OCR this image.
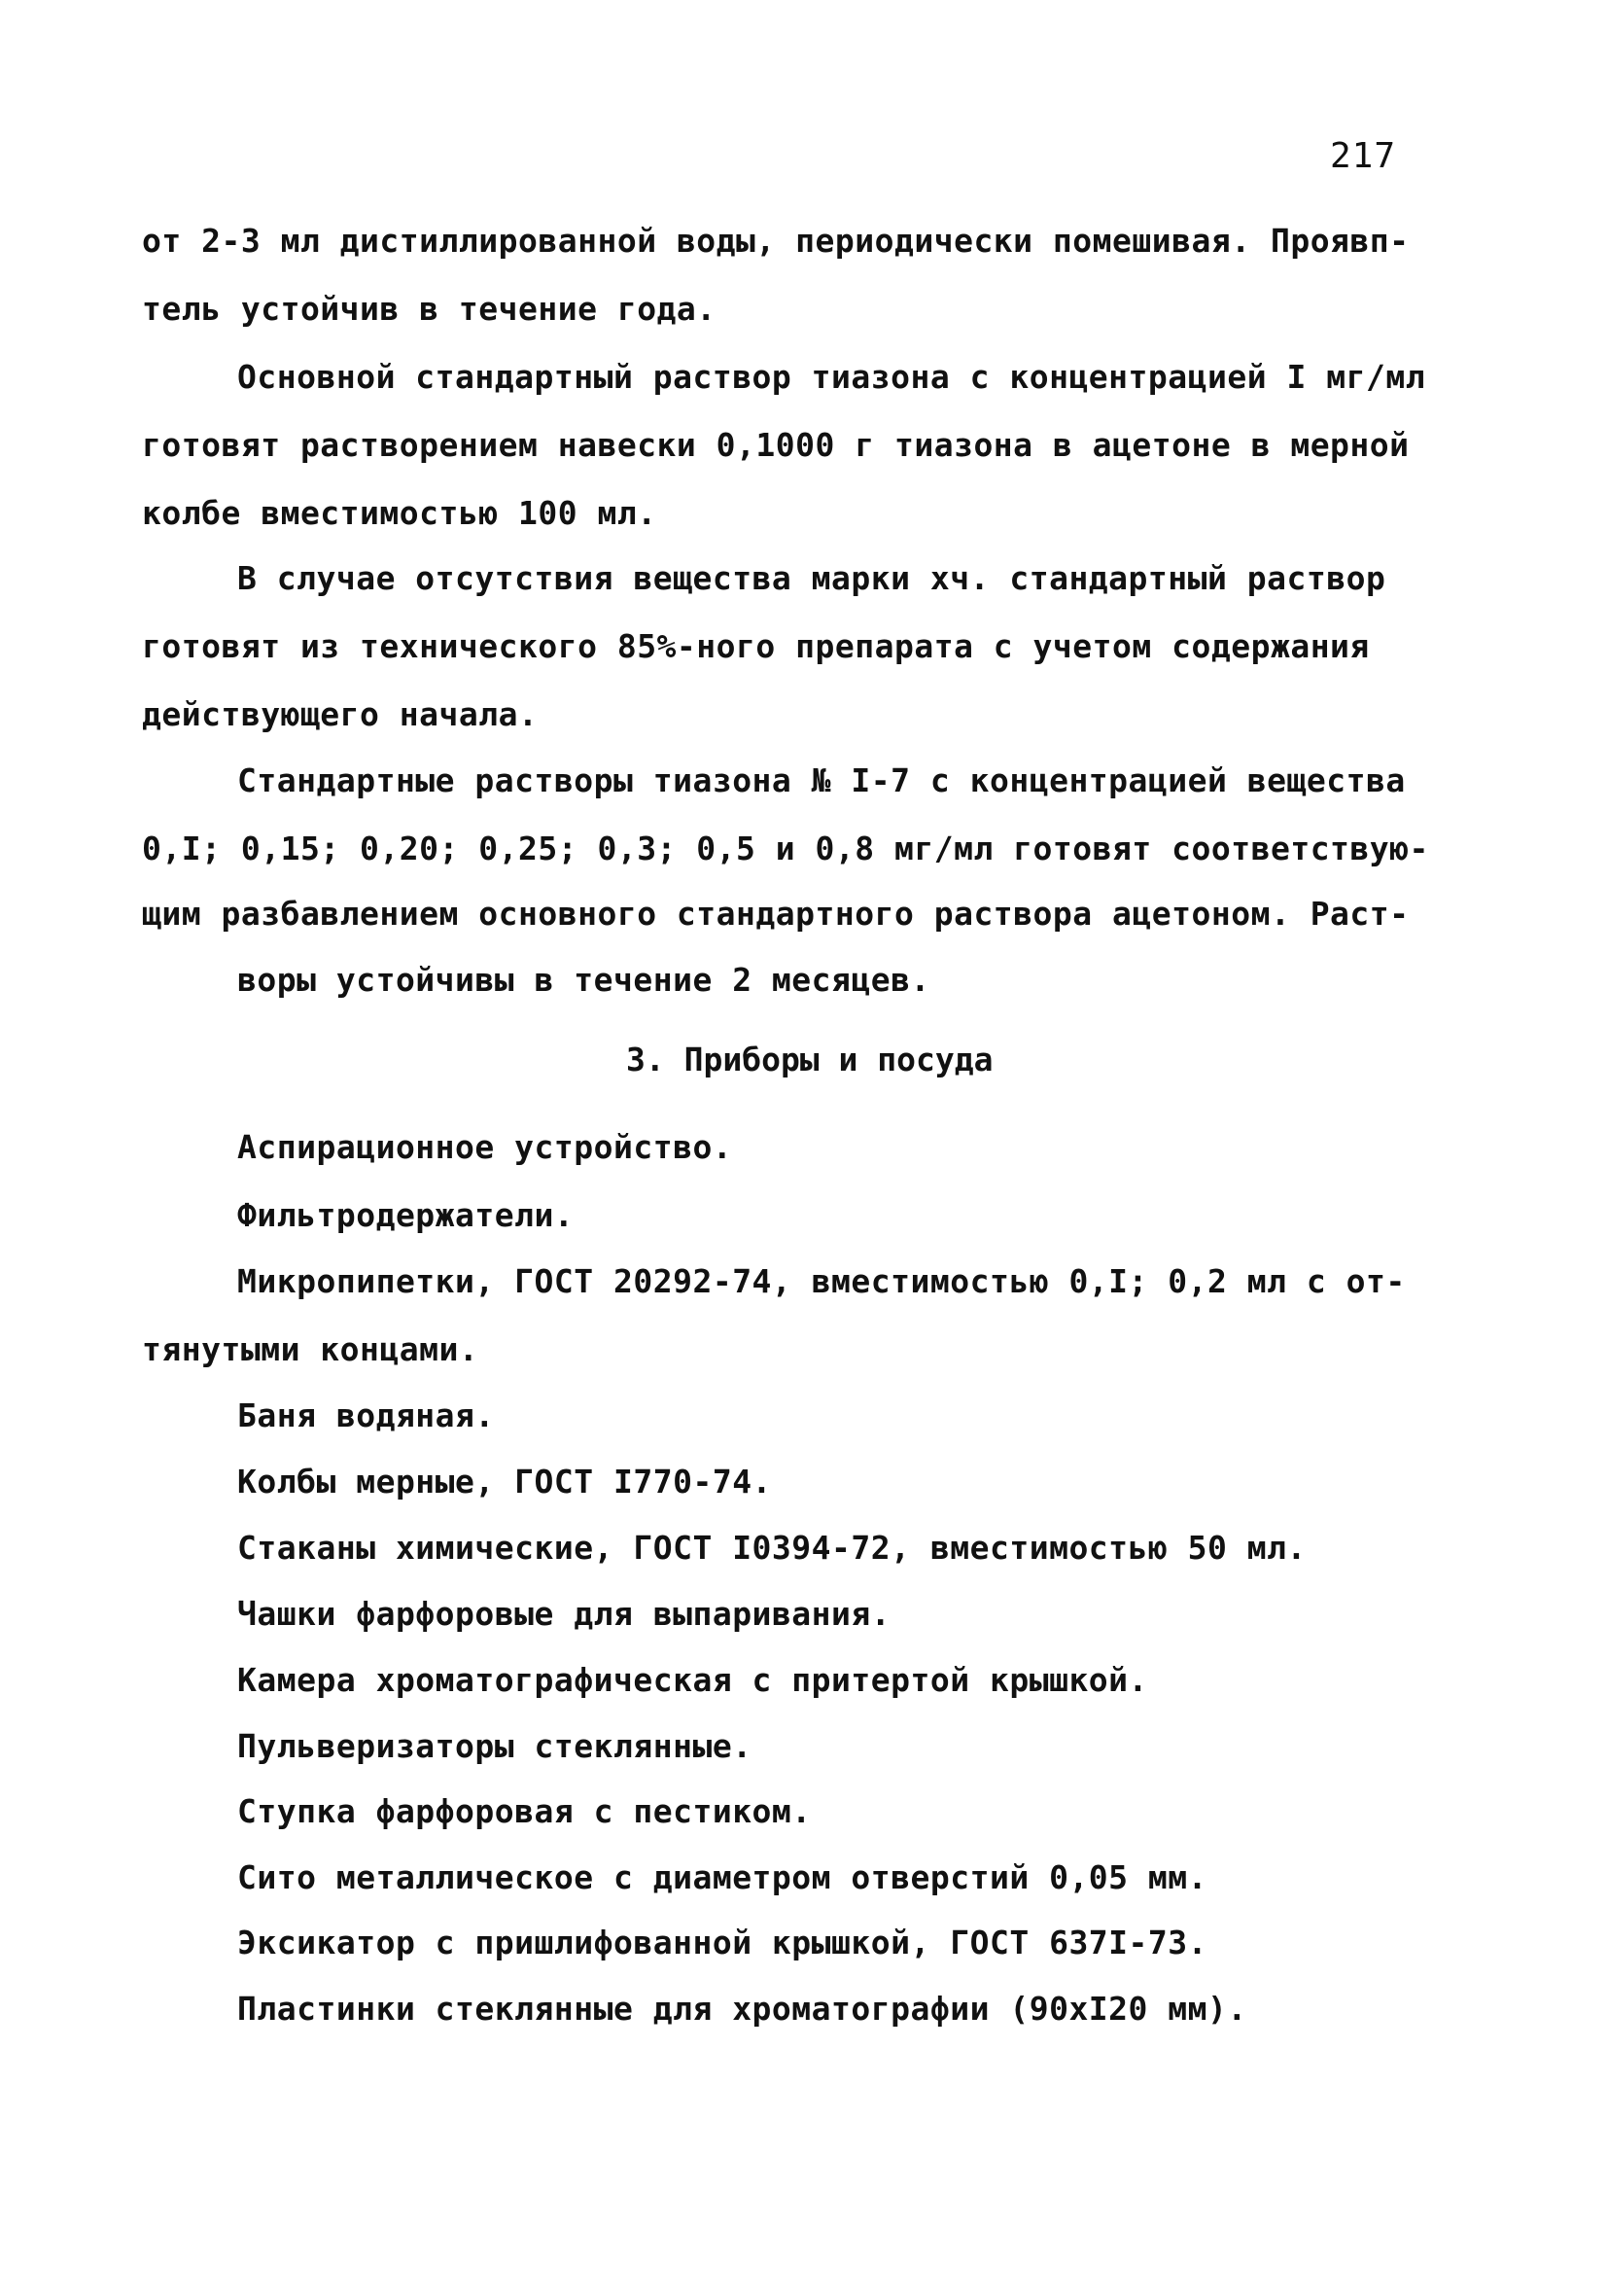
217
от 2-3 мл дистиллированной воды, периодически помешивая. Проявп-
тель устойчив в течение года.
Основной стандартный раствор тиазона с концентрацией I мг/мл
готовят растворением навески 0,1000 г тиазона в ацетоне в мерной
колбе вместимостью 100 мл.
В случае отсутствия вещества марки хч. стандартный раствор
готовят из технического 85%-ного препарата с учетом содержания
действующего начала.
Стандартные растворы тиазона № I-7 с концентрацией вещества
0,I; 0,15; 0,20; 0,25; 0,3; 0,5 и 0,8 мг/мл готовят соответствую-
щим разбавлением основного стандартного раствора ацетоном. Раст-
воры устойчивы в течение 2 месяцев.
3. Приборы и посуда
Аспирационное устройство.
Фильтродержатели.
Микропипетки, ГОСТ 20292-74, вместимостью 0,I; 0,2 мл с от-
тянутыми концами.
Баня водяная.
Колбы мерные, ГОСТ I770-74.
Стаканы химические, ГОСТ I0394-72, вместимостью 50 мл.
Чашки фарфоровые для выпаривания.
Камера хроматографическая с притертой крышкой.
Пульверизаторы стеклянные.
Ступка фарфоровая с пестиком.
Сито металлическое с диаметром отверстий 0,05 мм.
Эксикатор с пришлифованной крышкой, ГОСТ 637I-73.
Пластинки стеклянные для хроматографии (90xI20 мм).
